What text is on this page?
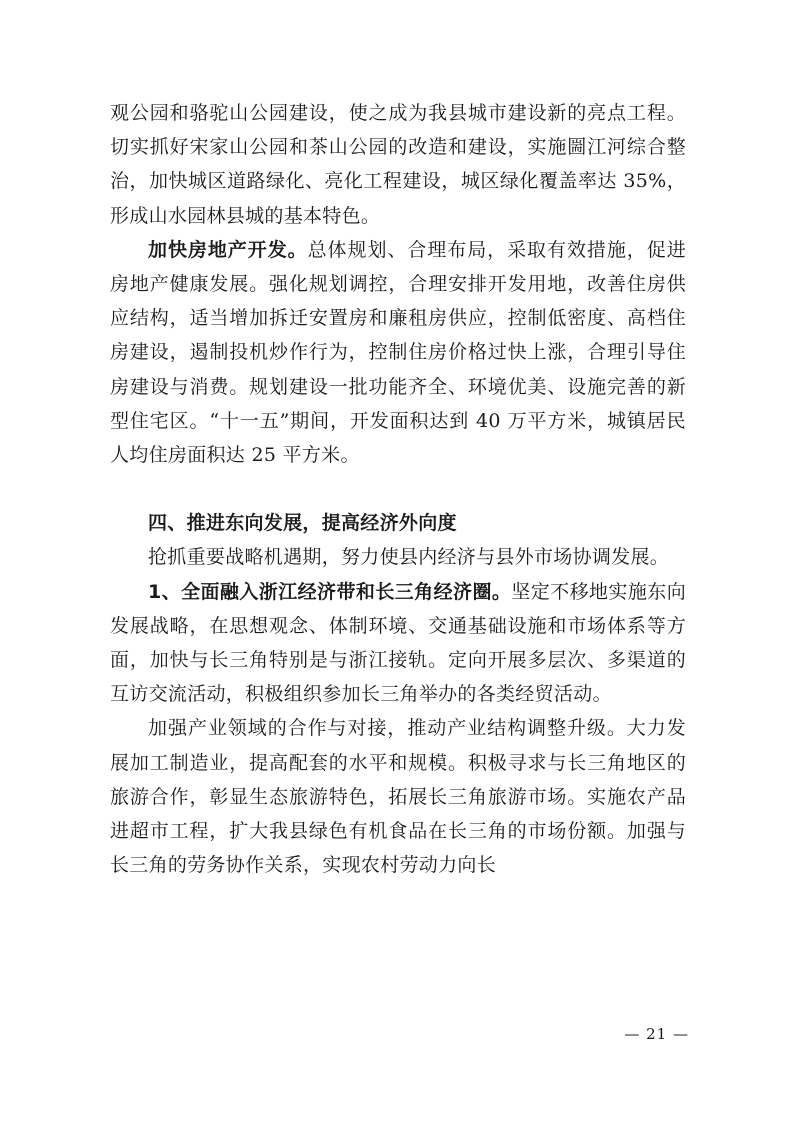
观公园和骆驼山公园建设，使之成为我县城市建设新的亮点工程。切实抓好宋家山公园和茶山公园的改造和建设，实施圌江河综合整治，加快城区道路绿化、亮化工程建设，城区绿化覆盖率达 35%，形成山水园林县城的基本特色。

加快房地产开发。总体规划、合理布局，采取有效措施，促进房地产健康发展。强化规划调控，合理安排开发用地，改善住房供应结构，适当增加拆迁安置房和廉租房供应，控制低密度、高档住房建设，遏制投机炒作行为，控制住房价格过快上涨，合理引导住房建设与消费。规划建设一批功能齐全、环境优美、设施完善的新型住宅区。“十一五”期间，开发面积达到 40 万平方米，城镇居民人均住房面积达 25 平方米。

四、推进东向发展，提高经济外向度

抢抓重要战略机遇期，努力使县内经济与县外市场协调发展。

1、全面融入浙江经济带和长三角经济圈。坚定不移地实施东向发展战略，在思想观念、体制环境、交通基础设施和市场体系等方面，加快与长三角特别是与浙江接轨。定向开展多层次、多渠道的互访交流活动，积极组织参加长三角举办的各类经贸活动。

加强产业领域的合作与对接，推动产业结构调整升级。大力发展加工制造业，提高配套的水平和规模。积极寻求与长三角地区的旅游合作，彰显生态旅游特色，拓展长三角旅游市场。实施农产品进超市工程，扩大我县绿色有机食品在长三角的市场份额。加强与长三角的劳务协作关系，实现农村劳动力向长

— 21 —
